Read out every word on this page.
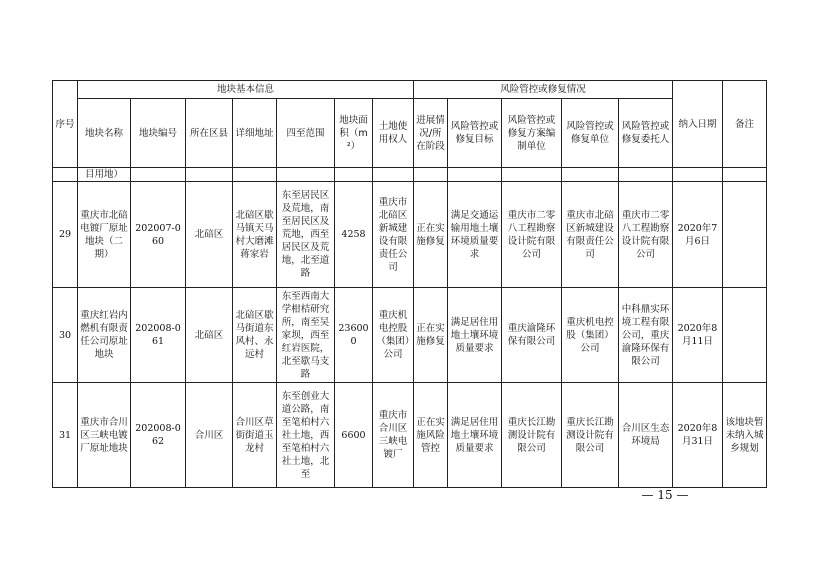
序号	地块基本信息							风险管控或修复情况					纳入日期	备注
	地块名称	地块编号	所在区县	详细地址	四至范围	地块面积（m²）	土地使用权人	进展情况/所在阶段	风险管控或修复目标	风险管控或修复方案编制单位	风险管控或修复单位	风险管控或修复委托人		
	目用地）													
29	重庆市北碚电镀厂原址地块（二期）	202007-060	北碚区	北碚区歇马镇天马村大磨滩蒋家岩	东至居民区及荒地，南至居民区及荒地，西至居民区及荒地，北至道路	4258	重庆市北碚区新城建设有限责任公司	正在实施修复	满足交通运输用地土壤环境质量要求	重庆市二零八工程勘察设计院有限公司	重庆市北碚区新城建设有限责任公司	重庆市二零八工程勘察设计院有限公司	2020年7月6日	
30	重庆红岩内燃机有限责任公司原址地块	202008-061	北碚区	北碚区歇马街道东风村、永远村	东至西南大学柑桔研究所，南至吴家坝，西至红岩医院，北至歇马支路	236000	重庆机电控股（集团）公司	正在实施修复	满足居住用地土壤环境质量要求	重庆渝隆环保有限公司	重庆机电控股（集团）公司	中科鼎实环境工程有限公司，重庆渝隆环保有限公司	2020年8月11日	
31	重庆市合川区三峡电镀厂原址地块	202008-062	合川区	合川区草街街道玉龙村	东至创业大道公路，南至笔柏村六社土地，西至笔柏村六社土地，北至	6600	重庆市合川区三峡电镀厂	正在实施风险管控	满足居住用地土壤环境质量要求	重庆长江勘测设计院有限公司	重庆长江勘测设计院有限公司	合川区生态环境局	2020年8月31日	该地块暂未纳入城乡规划
— 15 —
